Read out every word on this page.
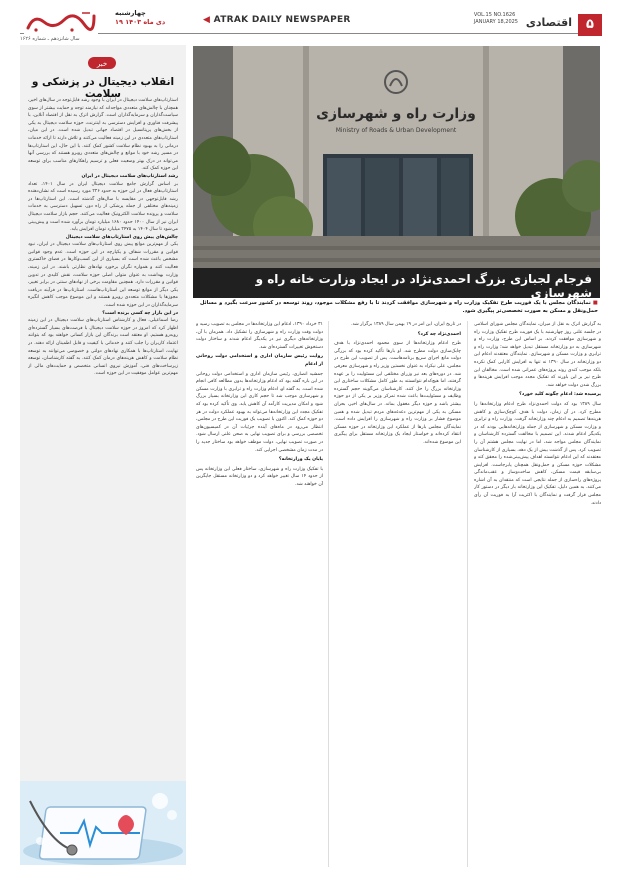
۵
اقتصادی
VOL.15 NO.1626
JANUARY 18,2025
◀ ATRAK DAILY NEWSPAPER
چهارشنبه
۱۹ دی ماه ۱۴۰۳
سال شانزدهم ـ شماره ۱۶۲۶
خبر
انقلاب دیجیتال در پزشکی و سلامت
استارتاپ‌های سلامت دیجیتال در ایران با وجود رشد قابل‌توجه در سال‌های اخیر، همچنان با چالش‌های متعددی مواجه‌اند که نیازمند توجه و حمایت بیشتر از سوی سیاست‌گذاران و سرمایه‌گذاران است. گزارش اترک به نقل از اقتصاد آنلاین، با پیشرفت فناوری و افزایش دسترسی به اینترنت، حوزه سلامت دیجیتال به یکی از بخش‌های پرپتانسیل در اقتصاد جهانی تبدیل شده است. در این میان، استارتاپ‌های متعددی در این زمینه فعالیت می‌کنند و تلاش دارند تا ارائه خدمات درمانی را به بهبود نظام سلامت کشور کمک کنند. با این حال، این استارتاپ‌ها در مسیر رشد خود با موانع و چالش‌های متعددی روبرو هستند که بررسی آنها می‌تواند در درک بهتر وضعیت فعلی و ترسیم راهکارهای مناسب برای توسعه این حوزه کمک کند.
رشد استارتاپ‌های سلامت دیجیتال در ایران
بر اساس گزارش جامع سلامت دیجیتال ایران در سال ۱۴۰۱، تعداد استارتاپ‌های فعال در این حوزه به حدود ۲۲۶ مورد رسیده است که نشان‌دهنده رشد قابل‌توجهی در مقایسه با سال‌های گذشته است. این استارتاپ‌ها در زمینه‌های مختلفی از جمله پزشکی از راه دور، تسهیل دسترسی به خدمات سلامت و پرونده سلامت الکترونیک فعالیت می‌کنند. حجم بازار سلامت دیجیتال ایران نیز از سال ۱۴۰۰ حدود ۱۶۸۰ میلیارد تومان برآورد شده است و پیش‌بینی می‌شود تا سال ۱۴۰۴ به ۲۴۷۵ میلیارد تومان افزایش یابد.
چالش‌های پیش روی استارتاپ‌های سلامت دیجیتال
یکی از مهم‌ترین موانع پیش روی استارتاپ‌های سلامت دیجیتال در ایران، نبود قوانین و مقررات شفاف و یکپارچه در این حوزه است. عدم وجود قوانین مشخص باعث شده است که بسیاری از این کسب‌وکارها در فضای خاکستری فعالیت کنند و همواره نگران برخورد نهادهای نظارتی باشند. در این زمینه، وزارت بهداشت به عنوان متولی اصلی حوزه سلامت، نقش کلیدی در تدوین قوانین و مقررات دارد. همچنین مقاومت برخی از نهادهای سنتی در برابر تغییر، یکی دیگر از موانع توسعه این استارتاپ‌هاست. استارتاپ‌ها در فرآیند دریافت مجوزها با مشکلات متعددی روبرو هستند و این موضوع موجب کاهش انگیزه سرمایه‌گذاران در این حوزه شده است.
در این بازار چه کسی برنده است؟
رضا اسماعیلی، فعال و کارشناس استارتاپ‌های سلامت دیجیتال در این زمینه اظهار کرد که امروز در حوزه سلامت دیجیتال با فرصت‌های بسیار گسترده‌ای روبه‌رو هستیم. او معتقد است برندگان این بازار کسانی خواهند بود که بتوانند اعتماد کاربران را جلب کنند و خدماتی با کیفیت و قابل اطمینان ارائه دهند. در نهایت، استارتاپ‌ها با همکاری نهادهای دولتی و خصوصی می‌توانند به توسعه نظام سلامت و کاهش هزینه‌های درمان کمک کنند. به گفته کارشناسان، توسعه زیرساخت‌های فنی، آموزش نیروی انسانی متخصص و حمایت‌های مالی از مهم‌ترین عوامل موفقیت در این حوزه است.
وزارت راه و شهرسازی
Ministry of Roads & Urban Development
فرجام لجبازی بزرگ احمدی‌نژاد در ایجاد وزارت خانه راه و شهرسازی
■ نمایندگان مجلس با یک فوریت طرح تفکیک وزارت راه و شهرسازی موافقت کردند تا با رفع مشکلات موجود، روند توسعه در کشور سرعت بگیرد و مسائل حمل‌ونقل و مسکن به صورت تخصصی‌تر پیگیری شود.
به گزارش اترک به نقل از میزان، نمایندگان مجلس شورای اسلامی در جلسه علنی روز چهارشنبه با یک فوریت طرح تفکیک وزارت راه و شهرسازی موافقت کردند. بر اساس این طرح، وزارت راه و شهرسازی به دو وزارتخانه مستقل تبدیل خواهد شد؛ وزارت راه و ترابری و وزارت مسکن و شهرسازی. نمایندگان معتقدند ادغام این دو وزارتخانه در سال ۱۳۹۰ نه تنها به افزایش کارایی کمک نکرده بلکه موجب کندی روند پروژه‌های عمرانی شده است. مخالفان این طرح نیز بر این باورند که تفکیک مجدد موجب افزایش هزینه‌ها و بزرگ شدن دولت خواهد شد.
پرسیده شد: ادغام چگونه کلید خورد؟
سال ۱۳۸۹ بود که دولت احمدی‌نژاد طرح ادغام وزارتخانه‌ها را مطرح کرد. در آن زمان، دولت با هدف کوچک‌سازی و کاهش هزینه‌ها تصمیم به ادغام چند وزارتخانه گرفت. وزارت راه و ترابری و وزارت مسکن و شهرسازی از جمله وزارتخانه‌هایی بودند که در یکدیگر ادغام شدند. این تصمیم با مخالفت گسترده کارشناسان و نمایندگان مجلس مواجه شد، اما در نهایت مجلس هشتم آن را تصویب کرد. پس از گذشت بیش از یک دهه، بسیاری از کارشناسان معتقدند که این ادغام نتوانسته اهداف پیش‌بینی‌شده را محقق کند و مشکلات حوزه مسکن و حمل‌ونقل همچنان پابرجاست. افزایش بی‌سابقه قیمت مسکن، کاهش ساخت‌وساز و عقب‌ماندگی پروژه‌های راه‌سازی از جمله نتایجی است که منتقدان به آن اشاره می‌کنند. به همین دلیل، تفکیک این وزارتخانه بار دیگر در دستور کار مجلس قرار گرفت و نمایندگان با اکثریت آرا به فوریت آن رأی دادند.
در تاریخ ایران، این امر در ۱۹ بهمن سال ۱۳۸۹ برگزار شد.
احمدی‌نژاد چه کرد؟
طرح ادغام وزارتخانه‌ها از سوی محمود احمدی‌نژاد با هدف چابک‌سازی دولت مطرح شد. او بارها تأکید کرده بود که بزرگی دولت مانع اجرای سریع برنامه‌هاست. پس از تصویب این طرح در مجلس، علی نیکزاد به عنوان نخستین وزیر راه و شهرسازی معرفی شد. در دوره‌های بعد نیز وزرای مختلفی این مسئولیت را بر عهده گرفتند، اما هیچ‌کدام نتوانستند به طور کامل مشکلات ساختاری این وزارتخانه بزرگ را حل کنند. کارشناسان می‌گویند حجم گسترده وظایف و مسئولیت‌ها باعث شده تمرکز وزیر بر یکی از دو حوزه بیشتر باشد و حوزه دیگر مغفول بماند. در سال‌های اخیر، بحران مسکن به یکی از مهم‌ترین دغدغه‌های مردم تبدیل شده و همین موضوع فشار بر وزارت راه و شهرسازی را افزایش داده است. نمایندگان مجلس بارها از عملکرد این وزارتخانه در حوزه مسکن انتقاد کرده‌اند و خواستار ایجاد یک وزارتخانه مستقل برای پیگیری این موضوع شده‌اند.
۳۱ خرداد ۱۳۹۰، ادغام این وزارتخانه‌ها در مجلس به تصویب رسید و دولت وقت وزارت راه و شهرسازی را تشکیل داد. همزمان با آن، وزارتخانه‌های دیگری نیز در یکدیگر ادغام شدند و ساختار دولت دستخوش تغییرات گسترده‌ای شد.
روایت رئیس سازمان اداری و استخدامی دولت روحانی از ادغام
جمشید انصاری، رئیس سازمان اداری و استخدامی دولت روحانی در این باره گفته بود که ادغام وزارتخانه‌ها بدون مطالعه کافی انجام شده است. به گفته او، ادغام وزارت راه و ترابری با وزارت مسکن و شهرسازی موجب شد تا حجم کاری این وزارتخانه بسیار بزرگ شود و امکان مدیریت کارآمد آن کاهش یابد. وی تأکید کرده بود که تفکیک مجدد این وزارتخانه‌ها می‌تواند به بهبود عملکرد دولت در هر دو حوزه کمک کند. اکنون با تصویب یک فوریت این طرح در مجلس، انتظار می‌رود در ماه‌های آینده جزئیات آن در کمیسیون‌های تخصصی بررسی و برای تصویب نهایی به صحن علنی ارسال شود. در صورت تصویب نهایی، دولت موظف خواهد بود ساختار جدید را در مدت زمان مشخصی اجرایی کند.
پایان یک وزارتخانه؟
با تفکیک وزارت راه و شهرسازی، ساختار فعلی این وزارتخانه پس از حدود ۱۴ سال تغییر خواهد کرد و دو وزارتخانه مستقل جایگزین آن خواهند شد.
